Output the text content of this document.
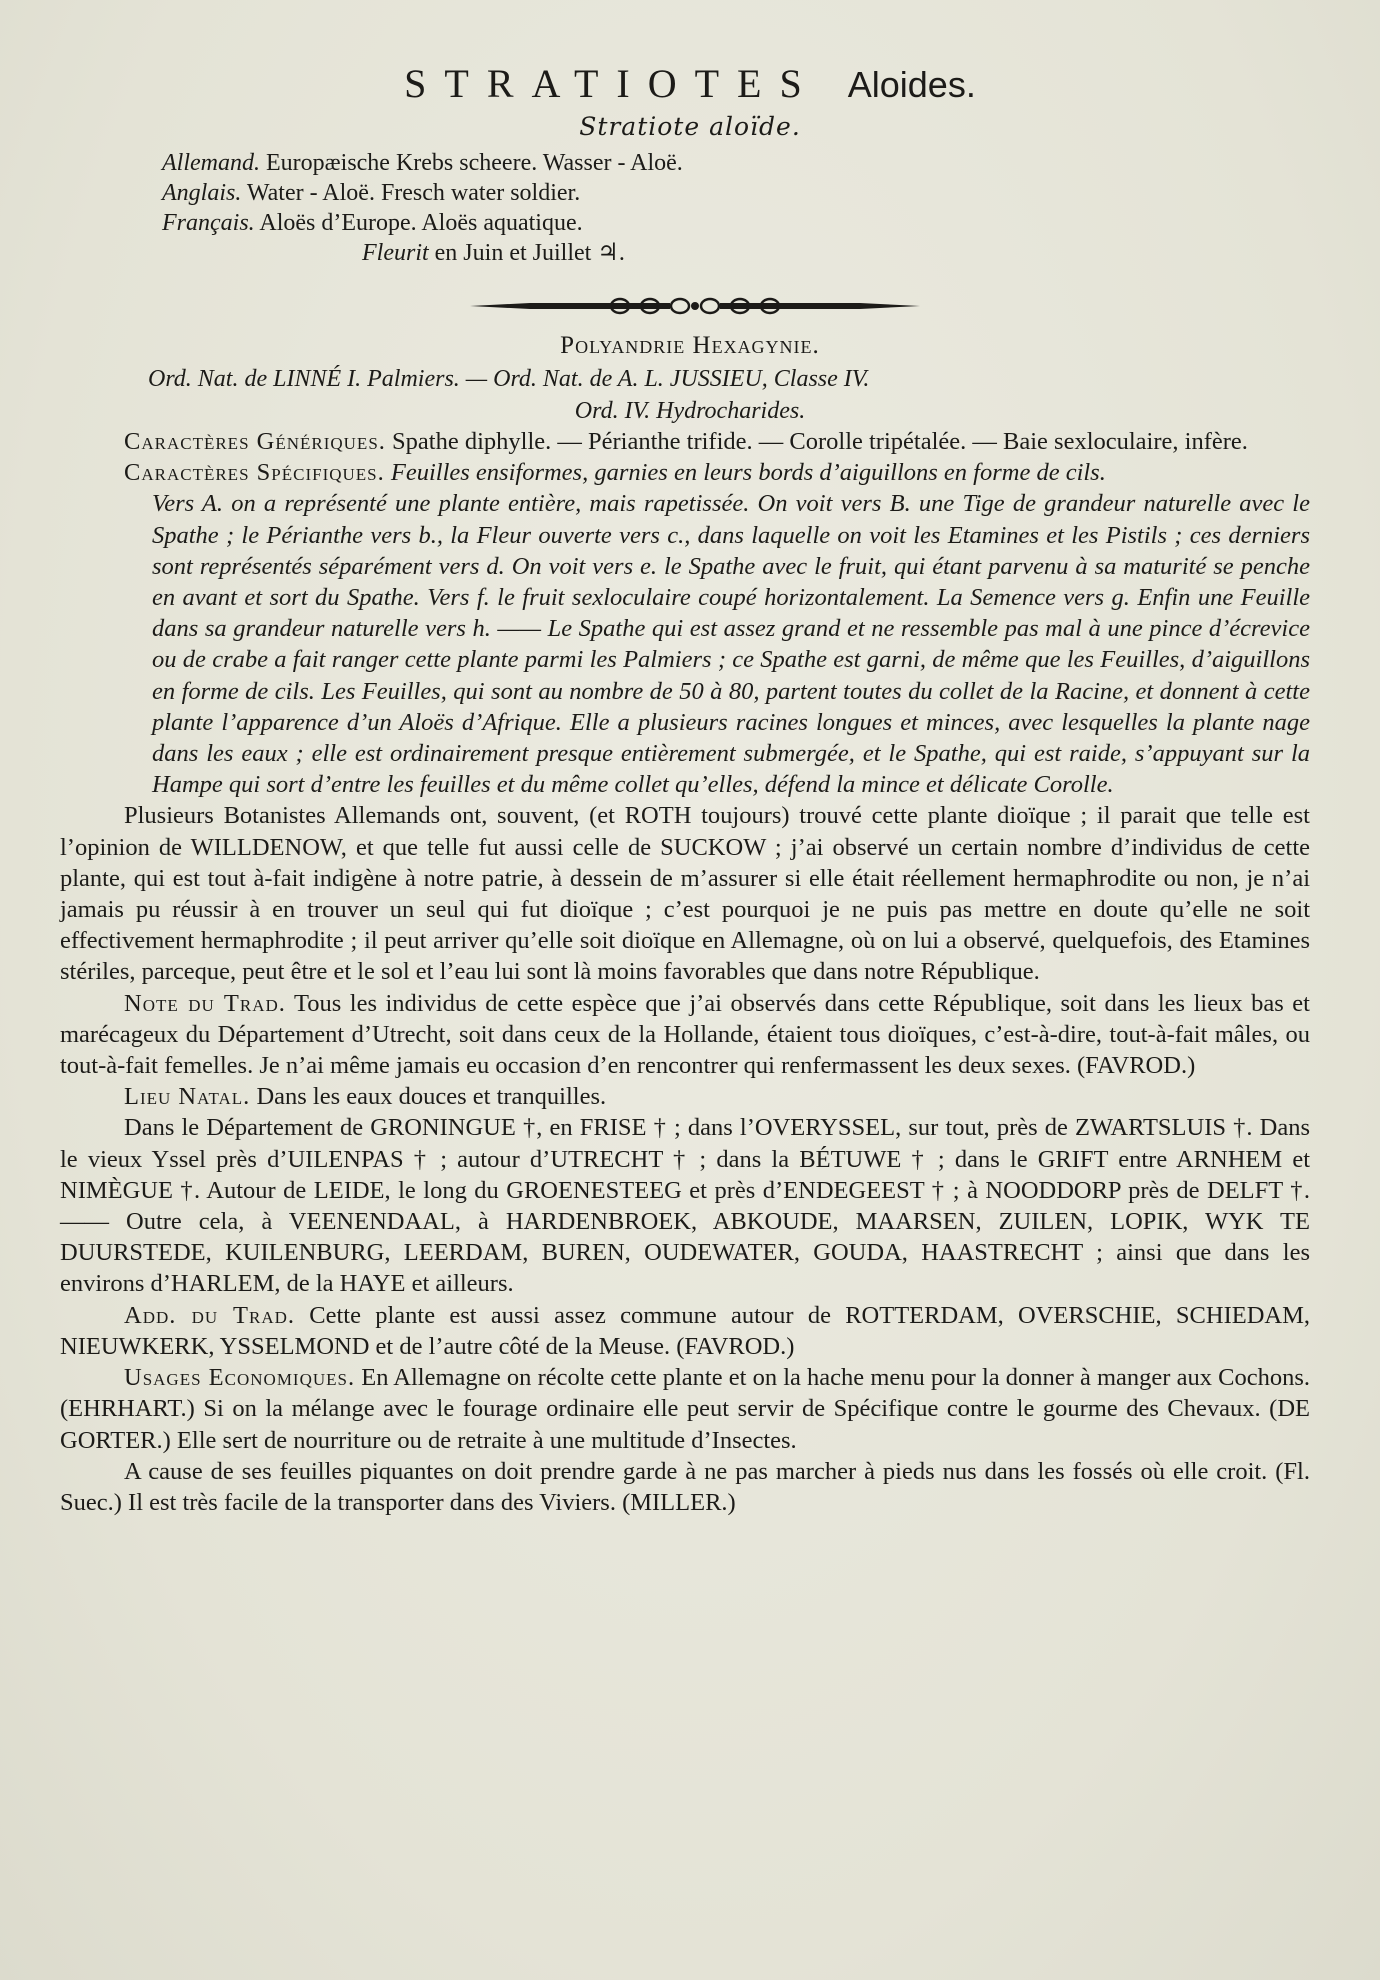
STRATIOTES Aloides.
Stratiote aloïde.
Allemand. Europæische Krebs scheere. Wasser - Aloë.
Anglais. Water - Aloë. Fresch water soldier.
Français. Aloës d’Europe. Aloës aquatique.
Fleurit en Juin et Juillet ♃.
Polyandrie Hexagynie.
Ord. Nat. de LINNÉ I. Palmiers. — Ord. Nat. de A. L. JUSSIEU, Classe IV.
Ord. IV. Hydrocharides.

Caractères Génériques. Spathe diphylle. — Périanthe trifide. — Corolle tripétalée. — Baie sexloculaire, infère.

Caractères Spécifiques. Feuilles ensiformes, garnies en leurs bords d’aiguillons en forme de cils.

Vers A. on a représenté une plante entière, mais rapetissée. On voit vers B. une Tige de grandeur naturelle avec le Spathe ; le Périanthe vers b., la Fleur ouverte vers c., dans laquelle on voit les Etamines et les Pistils ; ces derniers sont représentés séparément vers d. On voit vers e. le Spathe avec le fruit, qui étant parvenu à sa maturité se penche en avant et sort du Spathe. Vers f. le fruit sexloculaire coupé horizontalement. La Semence vers g. Enfin une Feuille dans sa grandeur naturelle vers h. —— Le Spathe qui est assez grand et ne ressemble pas mal à une pince d’écrevice ou de crabe a fait ranger cette plante parmi les Palmiers ; ce Spathe est garni, de même que les Feuilles, d’aiguillons en forme de cils. Les Feuilles, qui sont au nombre de 50 à 80, partent toutes du collet de la Racine, et donnent à cette plante l’apparence d’un Aloës d’Afrique. Elle a plusieurs racines longues et minces, avec lesquelles la plante nage dans les eaux ; elle est ordinairement presque entièrement submergée, et le Spathe, qui est raide, s’appuyant sur la Hampe qui sort d’entre les feuilles et du même collet qu’elles, défend la mince et délicate Corolle.

Plusieurs Botanistes Allemands ont, souvent, (et ROTH toujours) trouvé cette plante dioïque ; il parait que telle est l’opinion de WILLDENOW, et que telle fut aussi celle de SUCKOW ; j’ai observé un certain nombre d’individus de cette plante, qui est tout à-fait indigène à notre patrie, à dessein de m’assurer si elle était réellement hermaphrodite ou non, je n’ai jamais pu réussir à en trouver un seul qui fut dioïque ; c’est pourquoi je ne puis pas mettre en doute qu’elle ne soit effectivement hermaphrodite ; il peut arriver qu’elle soit dioïque en Allemagne, où on lui a observé, quelquefois, des Etamines stériles, parceque, peut être et le sol et l’eau lui sont là moins favorables que dans notre République.

Note du Trad. Tous les individus de cette espèce que j’ai observés dans cette République, soit dans les lieux bas et marécageux du Département d’Utrecht, soit dans ceux de la Hollande, étaient tous dioïques, c’est-à-dire, tout-à-fait mâles, ou tout-à-fait femelles. Je n’ai même jamais eu occasion d’en rencontrer qui renfermassent les deux sexes. (FAVROD.)

Lieu Natal. Dans les eaux douces et tranquilles.

Dans le Département de GRONINGUE †, en FRISE † ; dans l’OVERYSSEL, sur tout, près de ZWARTSLUIS †. Dans le vieux Yssel près d’UILENPAS † ; autour d’UTRECHT † ; dans la BÉTUWE † ; dans le GRIFT entre ARNHEM et NIMÈGUE †. Autour de LEIDE, le long du GROENESTEEG et près d’ENDEGEEST † ; à NOODDORP près de DELFT †. —— Outre cela, à VEENENDAAL, à HARDENBROEK, ABKOUDE, MAARSEN, ZUILEN, LOPIK, WYK TE DUURSTEDE, KUILENBURG, LEERDAM, BUREN, OUDEWATER, GOUDA, HAASTRECHT ; ainsi que dans les environs d’HARLEM, de la HAYE et ailleurs.

Add. du Trad. Cette plante est aussi assez commune autour de ROTTERDAM, OVERSCHIE, SCHIEDAM, NIEUWKERK, YSSELMOND et de l’autre côté de la Meuse. (FAVROD.)

Usages Economiques. En Allemagne on récolte cette plante et on la hache menu pour la donner à manger aux Cochons. (EHRHART.) Si on la mélange avec le fourage ordinaire elle peut servir de Spécifique contre le gourme des Chevaux. (DE GORTER.) Elle sert de nourriture ou de retraite à une multitude d’Insectes.

A cause de ses feuilles piquantes on doit prendre garde à ne pas marcher à pieds nus dans les fossés où elle croit. (Fl. Suec.) Il est très facile de la transporter dans des Viviers. (MILLER.)
